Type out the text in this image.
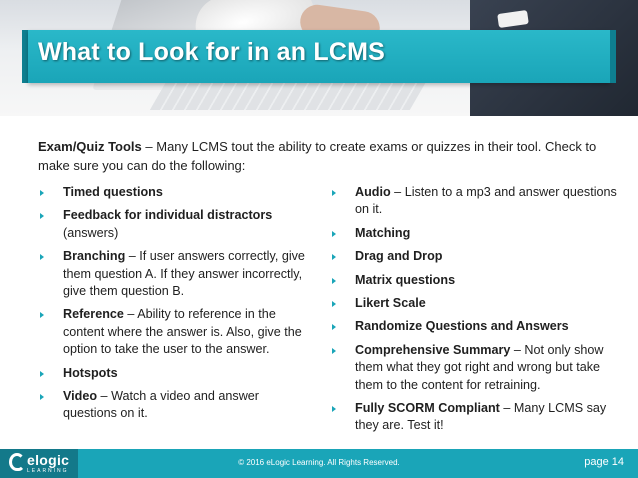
What to Look for in an LCMS

Exam/Quiz Tools – Many LCMS tout the ability to create exams or quizzes in their tool. Check to make sure you can do the following:

Timed questions
Feedback for individual distractors (answers)
Branching – If user answers correctly, give them question A. If they answer incorrectly, give them question B.
Reference – Ability to reference in the content where the answer is. Also, give the option to take the user to the answer.
Hotspots
Video – Watch a video and answer questions on it.
Audio – Listen to a mp3 and answer questions on it.
Matching
Drag and Drop
Matrix questions
Likert Scale
Randomize Questions and Answers
Comprehensive Summary – Not only show them what they got right and wrong but take them to the content for retraining.
Fully SCORM Compliant – Many LCMS say they are. Test it!
elogic
LEARNING
© 2016 eLogic Learning. All Rights Reserved.	page 14
